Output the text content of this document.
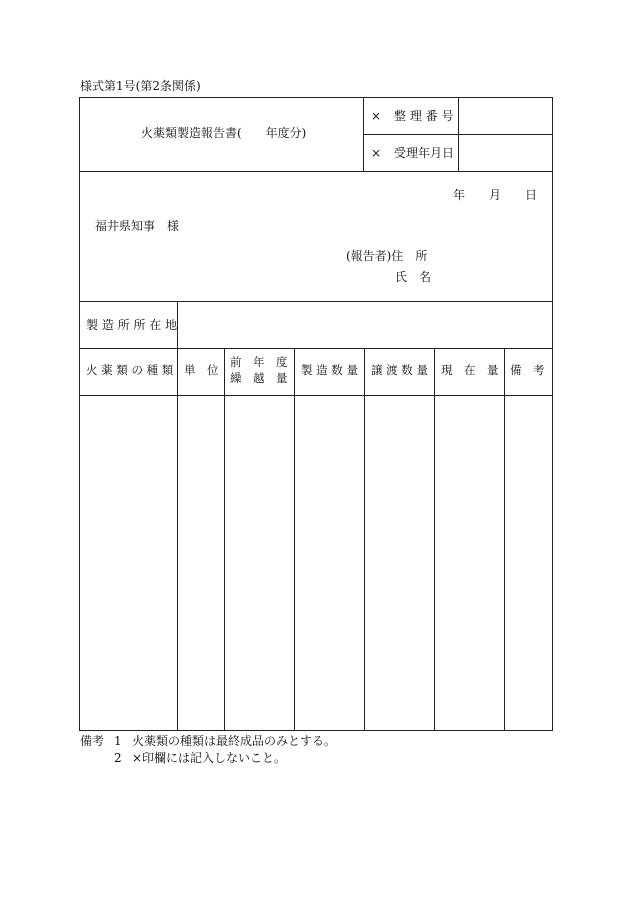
様式第1号(第2条関係)
火薬類製造報告書(　　年度分)
× 整 理 番 号
× 受理年月日
年 月 日
福井県知事　様
(報告者)住　所
氏　名
製 造 所 所 在 地
火 薬 類 の 種 類 単　位
前　年　度
繰　越　量
製 造 数 量 譲 渡 数 量 現　在　量 備　考
備考 1 火薬類の種類は最終成品のみとする。
2 ×印欄には記入しないこと。
